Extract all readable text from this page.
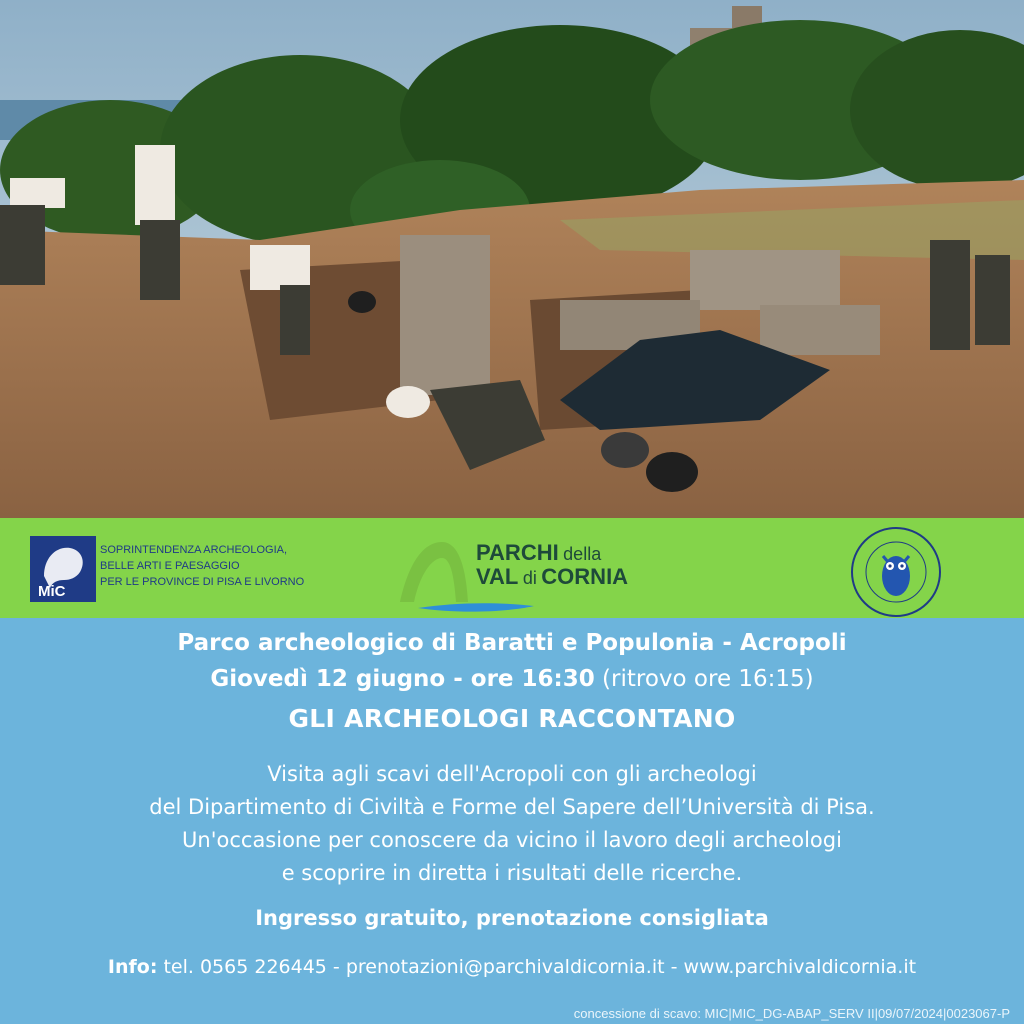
MiC
SOPRINTENDENZA ARCHEOLOGIA,
BELLE ARTI E PAESAGGIO
PER LE PROVINCE DI PISA E LIVORNO
PARCHI della
VAL di CORNIA
Parco archeologico di Baratti e Populonia - Acropoli
Giovedì 12 giugno - ore 16:30 (ritrovo ore 16:15)
GLI ARCHEOLOGI RACCONTANO
Visita agli scavi dell'Acropoli con gli archeologi
del Dipartimento di Civiltà e Forme del Sapere dell’Università di Pisa.
Un'occasione per conoscere da vicino il lavoro degli archeologi
e scoprire in diretta i risultati delle ricerche.
Ingresso gratuito, prenotazione consigliata
Info: tel. 0565 226445 - prenotazioni@parchivaldicornia.it - www.parchivaldicornia.it
concessione di scavo: MIC|MIC_DG-ABAP_SERV II|09/07/2024|0023067-P
